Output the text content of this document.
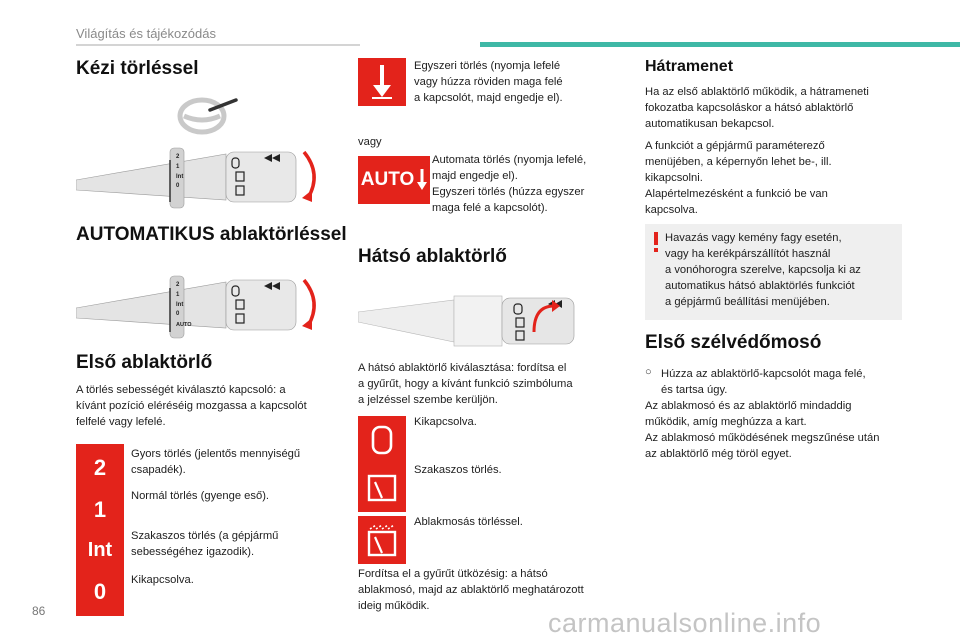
Világítás és tájékozódás
Kézi törléssel
2
1
Int
0
AUTOMATIKUS ablaktörléssel
2
1
Int
0
AUTO
Első ablaktörlő
A törlés sebességét kiválasztó kapcsoló: a
kívánt pozíció eléréséig mozgassa a kapcsolót
felfelé vagy lefelé.
2
Gyors törlés (jelentős mennyiségű
csapadék).
1
Normál törlés (gyenge eső).
Int
Szakaszos törlés (a gépjármű
sebességéhez igazodik).
0	Kikapcsolva.
Egyszeri törlés (nyomja lefelé
vagy húzza röviden maga felé
a kapcsolót, majd engedje el).
vagy
AUTO
Automata törlés (nyomja lefelé,
majd engedje el).
Egyszeri törlés (húzza egyszer
maga felé a kapcsolót).
Hátsó ablaktörlő
A hátsó ablaktörlő kiválasztása: fordítsa el
a gyűrűt, hogy a kívánt funkció szimbóluma
a jelzéssel szembe kerüljön.
Kikapcsolva.
Szakaszos törlés.
Ablakmosás törléssel.
Fordítsa el a gyűrűt ütközésig: a hátsó
ablakmosó, majd az ablaktörlő meghatározott
ideig működik.
Hátramenet
Ha az első ablaktörlő működik, a hátrameneti
fokozatba kapcsoláskor a hátsó ablaktörlő
automatikusan bekapcsol.
A funkciót a gépjármű paraméterező
menüjében, a képernyőn lehet be-, ill.
kikapcsolni.
Alapértelmezésként a funkció be van
kapcsolva.
Havazás vagy kemény fagy esetén,
vagy ha kerékpárszállítót használ
a vonóhorogra szerelve, kapcsolja ki az
automatikus hátsó ablaktörlés funkciót
a gépjármű beállítási menüjében.
Első szélvédőmosó
○ Húzza az ablaktörlő-kapcsolót maga felé,
és tartsa úgy.
Az ablakmosó és az ablaktörlő mindaddig
működik, amíg meghúzza a kart.
Az ablakmosó működésének megszűnése után
az ablaktörlő még töröl egyet.
86	carmanualsonline.info
